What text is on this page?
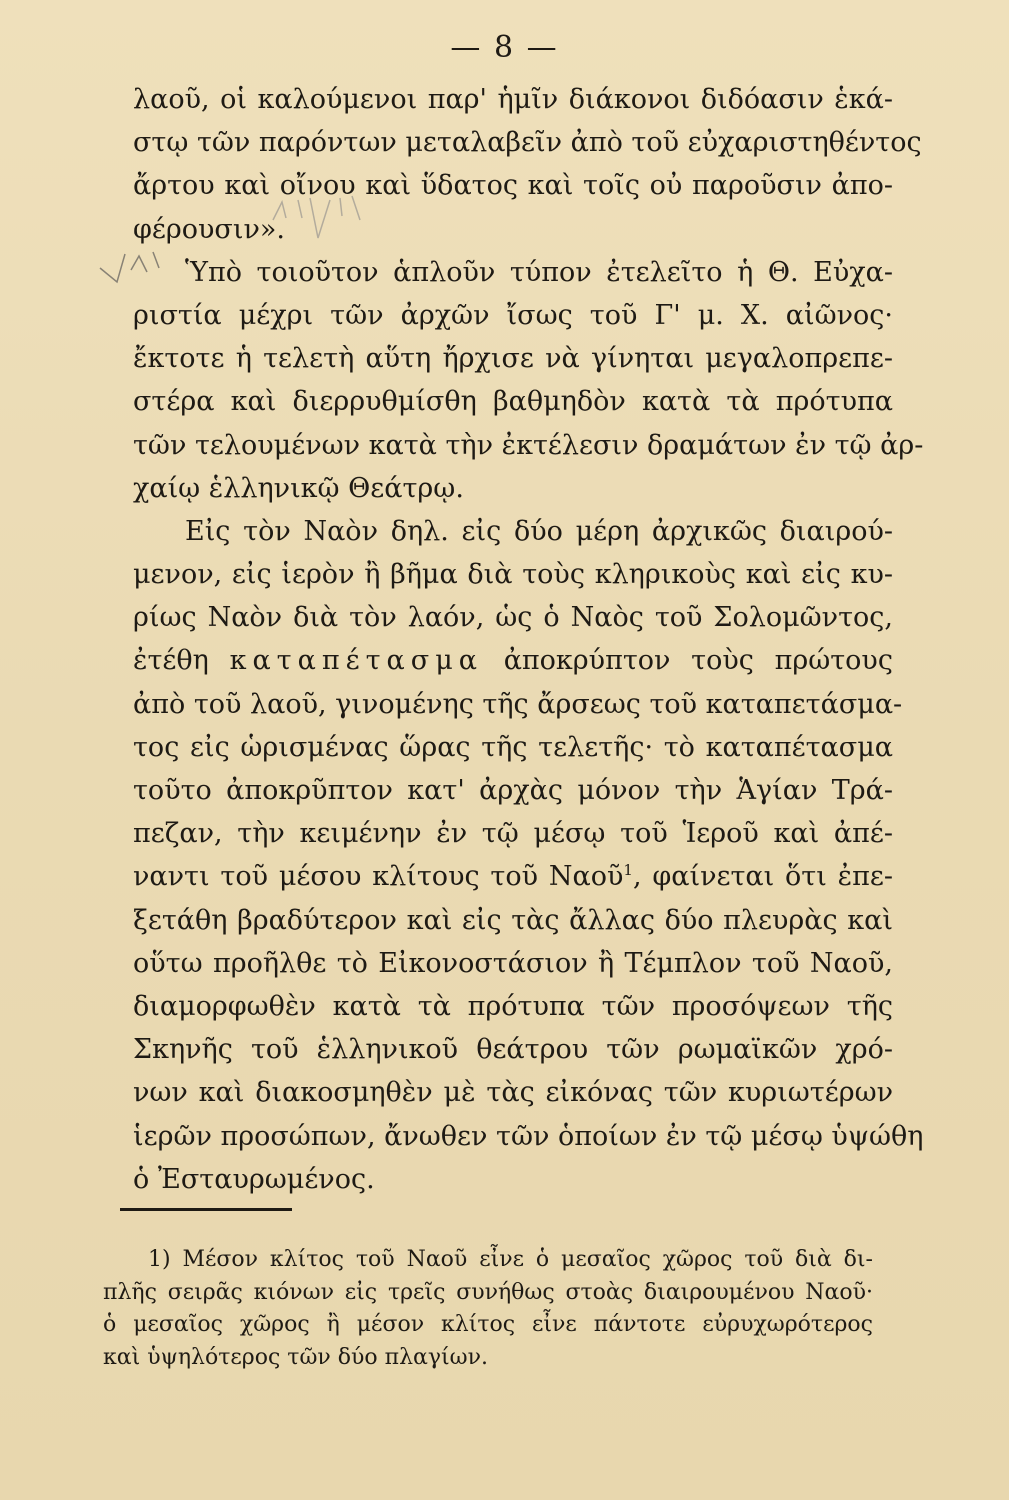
— 8 —
λαοῦ, οἱ καλούμενοι παρ' ἡμῖν διάκονοι διδόασιν ἑκά-
στῳ τῶν παρόντων μεταλαβεῖν ἀπὸ τοῦ εὐχαριστηθέντος
ἄρτου καὶ οἴνου καὶ ὕδατος καὶ τοῖς οὐ παροῦσιν ἀπο-
φέρουσιν».
Ὑπὸ τοιοῦτον ἁπλοῦν τύπον ἐτελεῖτο ἡ Θ. Εὐχα-
ριστία μέχρι τῶν ἀρχῶν ἴσως τοῦ Γ' μ. Χ. αἰῶνος·
ἔκτοτε ἡ τελετὴ αὕτη ἤρχισε νὰ γίνηται μεγαλοπρεπε-
στέρα καὶ διερρυθμίσθη βαθμηδὸν κατὰ τὰ πρότυπα
τῶν τελουμένων κατὰ τὴν ἐκτέλεσιν δραμάτων ἐν τῷ ἀρ-
χαίῳ ἑλληνικῷ Θεάτρῳ.
Εἰς τὸν Ναὸν δηλ. εἰς δύο μέρη ἀρχικῶς διαιρού-
μενον, εἰς ἱερὸν ἢ βῆμα διὰ τοὺς κληρικοὺς καὶ εἰς κυ-
ρίως Ναὸν διὰ τὸν λαόν, ὡς ὁ Ναὸς τοῦ Σολομῶντος,
ἐτέθη καταπέτασμα ἀποκρύπτον τοὺς πρώτους
ἀπὸ τοῦ λαοῦ, γινομένης τῆς ἄρσεως τοῦ καταπετάσμα-
τος εἰς ὡρισμένας ὥρας τῆς τελετῆς· τὸ καταπέτασμα
τοῦτο ἀποκρῦπτον κατ' ἀρχὰς μόνον τὴν Ἁγίαν Τρά-
πεζαν, τὴν κειμένην ἐν τῷ μέσῳ τοῦ Ἱεροῦ καὶ ἀπέ-
ναντι τοῦ μέσου κλίτους τοῦ Ναοῦ$^1$, φαίνεται ὅτι ἐπε-
ξετάθη βραδύτερον καὶ εἰς τὰς ἄλλας δύο πλευρὰς καὶ
οὕτω προῆλθε τὸ Εἰκονοστάσιον ἢ Τέμπλον τοῦ Ναοῦ,
διαμορφωθὲν κατὰ τὰ πρότυπα τῶν προσόψεων τῆς
Σκηνῆς τοῦ ἑλληνικοῦ θεάτρου τῶν ρωμαϊκῶν χρό-
νων καὶ διακοσμηθὲν μὲ τὰς εἰκόνας τῶν κυριωτέρων
ἱερῶν προσώπων, ἄνωθεν τῶν ὁποίων ἐν τῷ μέσῳ ὑψώθη
ὁ Ἐσταυρωμένος.
1) Μέσον κλίτος τοῦ Ναοῦ εἶνε ὁ μεσαῖος χῶρος τοῦ διὰ δι-
πλῆς σειρᾶς κιόνων εἰς τρεῖς συνήθως στοὰς διαιρουμένου Ναοῦ·
ὁ μεσαῖος χῶρος ἢ μέσον κλίτος εἶνε πάντοτε εὐρυχωρότερος
καὶ ὑψηλότερος τῶν δύο πλαγίων.
